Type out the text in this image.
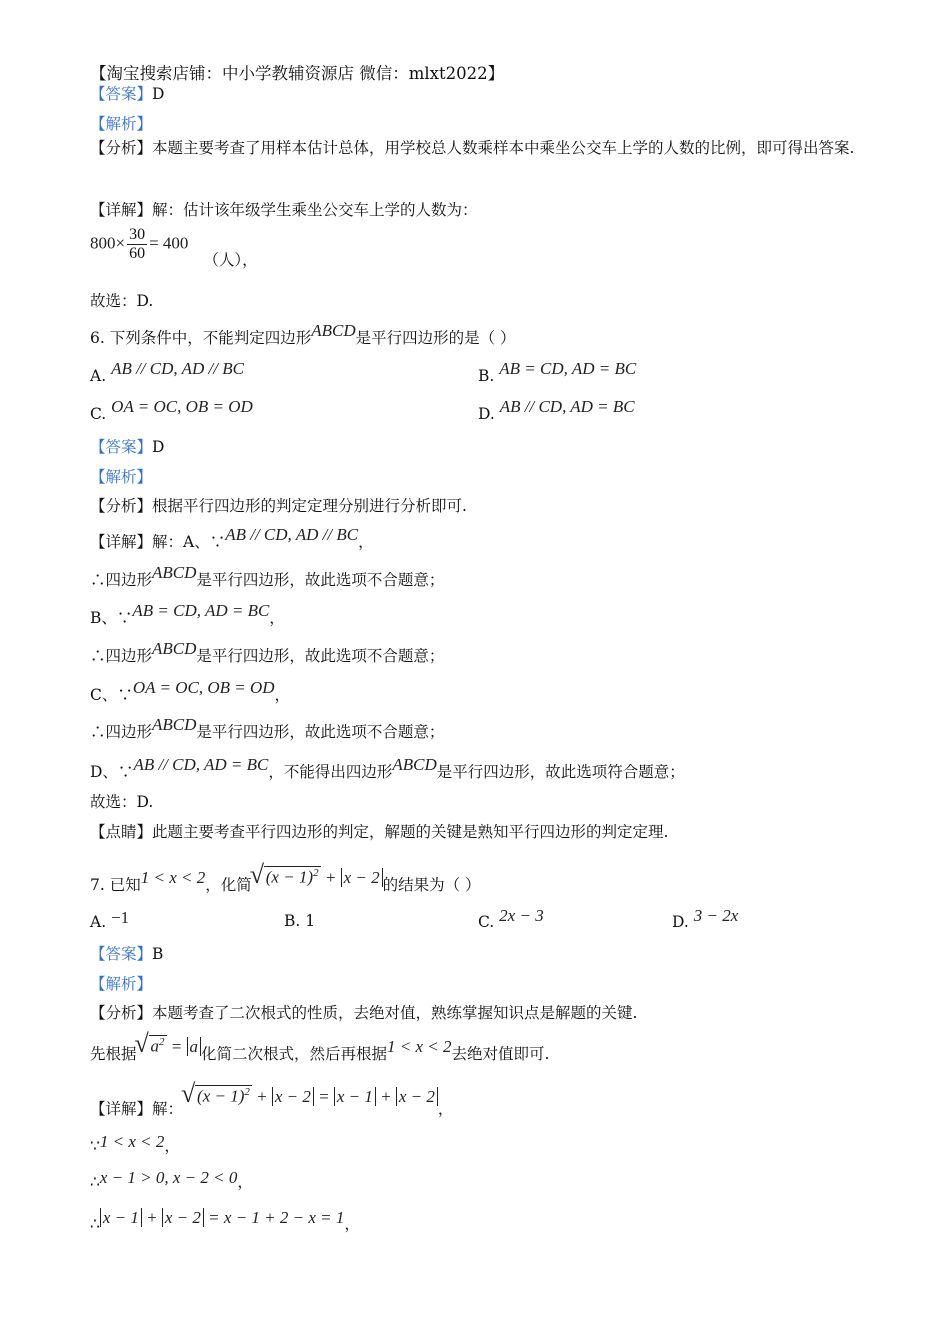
【淘宝搜索店铺：中小学教辅资源店 微信：mlxt2022】
【答案】D
【解析】
【分析】本题主要考查了用样本估计总体，用学校总人数乘样本中乘坐公交车上学的人数的比例，即可得出答案.
【详解】解：估计该年级学生乘坐公交车上学的人数为：
$800\times \frac{30}{60} = 400$ （人），
故选：D.
6. 下列条件中，不能判定四边形ABCD是平行四边形的是（ ）
A. AB // CD, AD // BC	B. AB = CD, AD = BC
C. OA = OC, OB = OD	D. AB // CD, AD = BC
【答案】D
【解析】
【分析】根据平行四边形的判定定理分别进行分析即可.
【详解】解：A、∵AB // CD, AD // BC，
∴四边形ABCD是平行四边形，故此选项不合题意；
B、∵AB = CD, AD = BC，
∴四边形ABCD是平行四边形，故此选项不合题意；
C、∵OA = OC, OB = OD，
∴四边形ABCD是平行四边形，故此选项不合题意；
D、∵AB // CD, AD = BC，不能得出四边形ABCD是平行四边形，故此选项符合题意；
故选：D.
【点睛】此题主要考查平行四边形的判定，解题的关键是熟知平行四边形的判定定理.
7. 已知1 < x < 2，化简 √ $(x - 1)^2 + x - 2$ 的结果为（ ）
A. −1	B. 1	C. 2x − 3	D. 3 − 2x
【答案】B
【解析】
【分析】本题考查了二次根式的性质，去绝对值，熟练掌握知识点是解题的关键.
先根据 √ $a^2 = a$ 化简二次根式，然后再根据1 < x < 2去绝对值即可.
【详解】解：√ $(x - 1)^2 + x - 2 = x - 1 + x - 2$，
∵1 < x < 2，
∴x − 1 > 0, x − 2 < 0，
∴ x − 1 + x − 2 = x − 1 + 2 − x = 1，
